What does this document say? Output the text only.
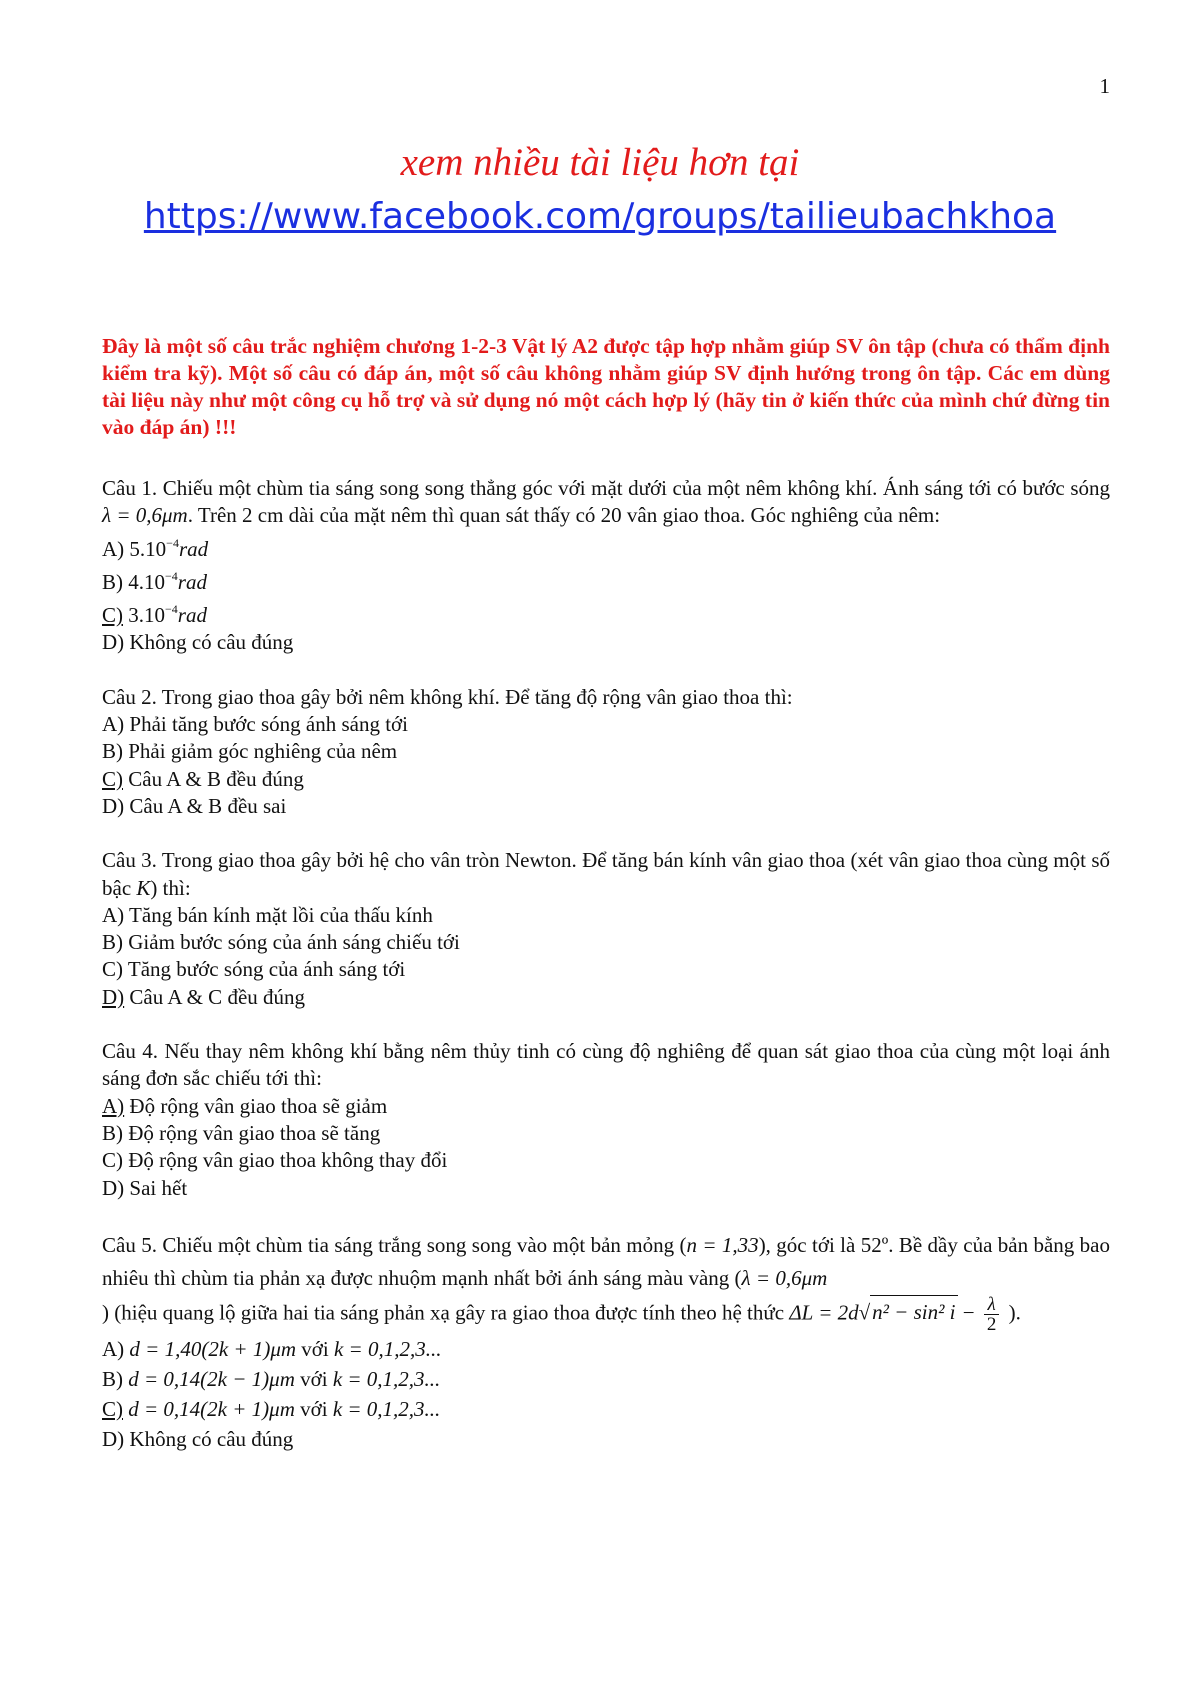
1
xem nhiều tài liệu hơn tại
https://www.facebook.com/groups/tailieubachkhoa
Đây là một số câu trắc nghiệm chương 1-2-3 Vật lý A2 được tập hợp nhằm giúp SV ôn tập (chưa có thẩm định kiểm tra kỹ). Một số câu có đáp án, một số câu không nhằm giúp SV định hướng trong ôn tập. Các em dùng tài liệu này như một công cụ hỗ trợ và sử dụng nó một cách hợp lý (hãy tin ở kiến thức của mình chứ đừng tin vào đáp án) !!!

Câu 1. Chiếu một chùm tia sáng song song thẳng góc với mặt dưới của một nêm không khí. Ánh sáng tới có bước sóng λ = 0,6μm. Trên 2 cm dài của mặt nêm thì quan sát thấy có 20 vân giao thoa. Góc nghiêng của nêm:

A) $5.10^{-4}rad$

B) $4.10^{-4}rad$

C) $3.10^{-4}rad$

D) Không có câu đúng

Câu 2. Trong giao thoa gây bởi nêm không khí. Để tăng độ rộng vân giao thoa thì:

A) Phải tăng bước sóng ánh sáng tới

B) Phải giảm góc nghiêng của nêm

C) Câu A & B đều đúng

D) Câu A & B đều sai

Câu 3. Trong giao thoa gây bởi hệ cho vân tròn Newton. Để tăng bán kính vân giao thoa (xét vân giao thoa cùng một số bậc K) thì:

A) Tăng bán kính mặt lồi của thấu kính

B) Giảm bước sóng của ánh sáng chiếu tới

C) Tăng bước sóng của ánh sáng tới

D) Câu A & C đều đúng

Câu 4. Nếu thay nêm không khí bằng nêm thủy tinh có cùng độ nghiêng để quan sát giao thoa của cùng một loại ánh sáng đơn sắc chiếu tới thì:

A) Độ rộng vân giao thoa sẽ giảm

B) Độ rộng vân giao thoa sẽ tăng

C) Độ rộng vân giao thoa không thay đổi

D) Sai hết

Câu 5. Chiếu một chùm tia sáng trắng song song vào một bản mỏng (n = 1,33), góc tới là 52º. Bề dầy của bản bằng bao nhiêu thì chùm tia phản xạ được nhuộm mạnh nhất bởi ánh sáng màu vàng (λ = 0,6μm

) (hiệu quang lộ giữa hai tia sáng phản xạ gây ra giao thoa được tính theo hệ thức ΔL = 2d√n² − sin² $i - \frac{\lambda}{2}$ ).

A) d = 1,40(2k + 1)μm với k = 0,1,2,3...

B) d = 0,14(2k − 1)μm với k = 0,1,2,3...

C) d = 0,14(2k + 1)μm với k = 0,1,2,3...

D) Không có câu đúng
